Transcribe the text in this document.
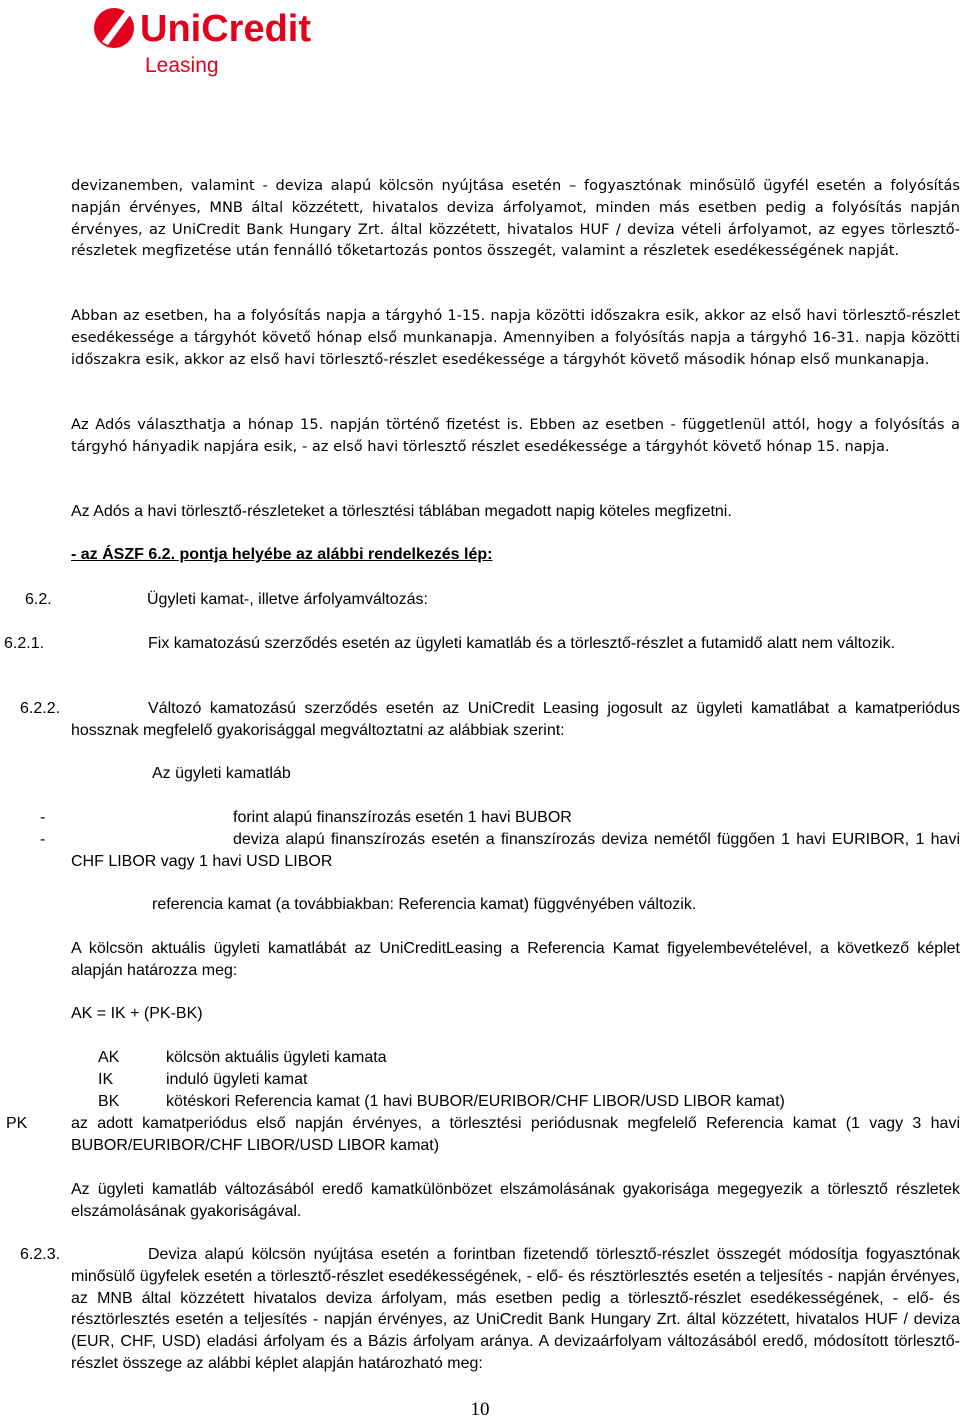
UniCredit
Leasing

devizanemben, valamint - deviza alapú kölcsön nyújtása esetén – fogyasztónak minősülő ügyfél esetén a folyósítás napján érvényes, MNB által közzétett, hivatalos deviza árfolyamot, minden más esetben pedig a folyósítás napján érvényes, az UniCredit Bank Hungary Zrt. által közzétett, hivatalos HUF / deviza vételi árfolyamot, az egyes törlesztő-részletek megfizetése után fennálló tőketartozás pontos összegét, valamint a részletek esedékességének napját.

Abban az esetben, ha a folyósítás napja a tárgyhó 1-15. napja közötti időszakra esik, akkor az első havi törlesztő-részlet esedékessége a tárgyhót követő hónap első munkanapja. Amennyiben a folyósítás napja a tárgyhó 16-31. napja közötti időszakra esik, akkor az első havi törlesztő-részlet esedékessége a tárgyhót követő második hónap első munkanapja.

Az Adós választhatja a hónap 15. napján történő fizetést is. Ebben az esetben - függetlenül attól, hogy a folyósítás a tárgyhó hányadik napjára esik, - az első havi törlesztő részlet esedékessége a tárgyhót követő hónap 15. napja.

Az Adós a havi törlesztő-részleteket a törlesztési táblában megadott napig köteles megfizetni.

- az ÁSZF 6.2. pontja helyébe az alábbi rendelkezés lép:

6.2.	Ügyleti kamat-, illetve árfolyamváltozás:

6.2.1.	Fix kamatozású szerződés esetén az ügyleti kamatláb és a törlesztő-részlet a futamidő alatt nem változik.

6.2.2.	Változó kamatozású szerződés esetén az UniCredit Leasing jogosult az ügyleti kamatlábat a kamatperiódus hossznak megfelelő gyakorisággal megváltoztatni az alábbiak szerint:

Az ügyleti kamatláb

-	forint alapú finanszírozás esetén 1 havi BUBOR

-	deviza alapú finanszírozás esetén a finanszírozás deviza nemétől függően 1 havi EURIBOR, 1 havi CHF LIBOR vagy 1 havi USD LIBOR

referencia kamat (a továbbiakban: Referencia kamat) függvényében változik.

A kölcsön aktuális ügyleti kamatlábát az UniCreditLeasing a Referencia Kamat figyelembevételével, a következő képlet alapján határozza meg:

AK = IK + (PK-BK)

AK	kölcsön aktuális ügyleti kamata

IK	induló ügyleti kamat

BK	kötéskori Referencia kamat (1 havi BUBOR/EURIBOR/CHF LIBOR/USD LIBOR kamat)

PK	az adott kamatperiódus első napján érvényes, a törlesztési periódusnak megfelelő Referencia kamat (1 vagy 3 havi BUBOR/EURIBOR/CHF LIBOR/USD LIBOR kamat)

Az ügyleti kamatláb változásából eredő kamatkülönbözet elszámolásának gyakorisága megegyezik a törlesztő részletek elszámolásának gyakoriságával.

6.2.3.	Deviza alapú kölcsön nyújtása esetén a forintban fizetendő törlesztő-részlet összegét módosítja fogyasztónak minősülő ügyfelek esetén a törlesztő-részlet esedékességének, - elő- és résztörlesztés esetén a teljesítés - napján érvényes, az MNB által közzétett hivatalos deviza árfolyam, más esetben pedig a törlesztő-részlet esedékességének, - elő- és résztörlesztés esetén a teljesítés - napján érvényes, az UniCredit Bank Hungary Zrt. által közzétett, hivatalos HUF / deviza (EUR, CHF, USD) eladási árfolyam és a Bázis árfolyam aránya. A devizaárfolyam változásából eredő, módosított törlesztő-részlet összege az alábbi képlet alapján határozható meg:

10
